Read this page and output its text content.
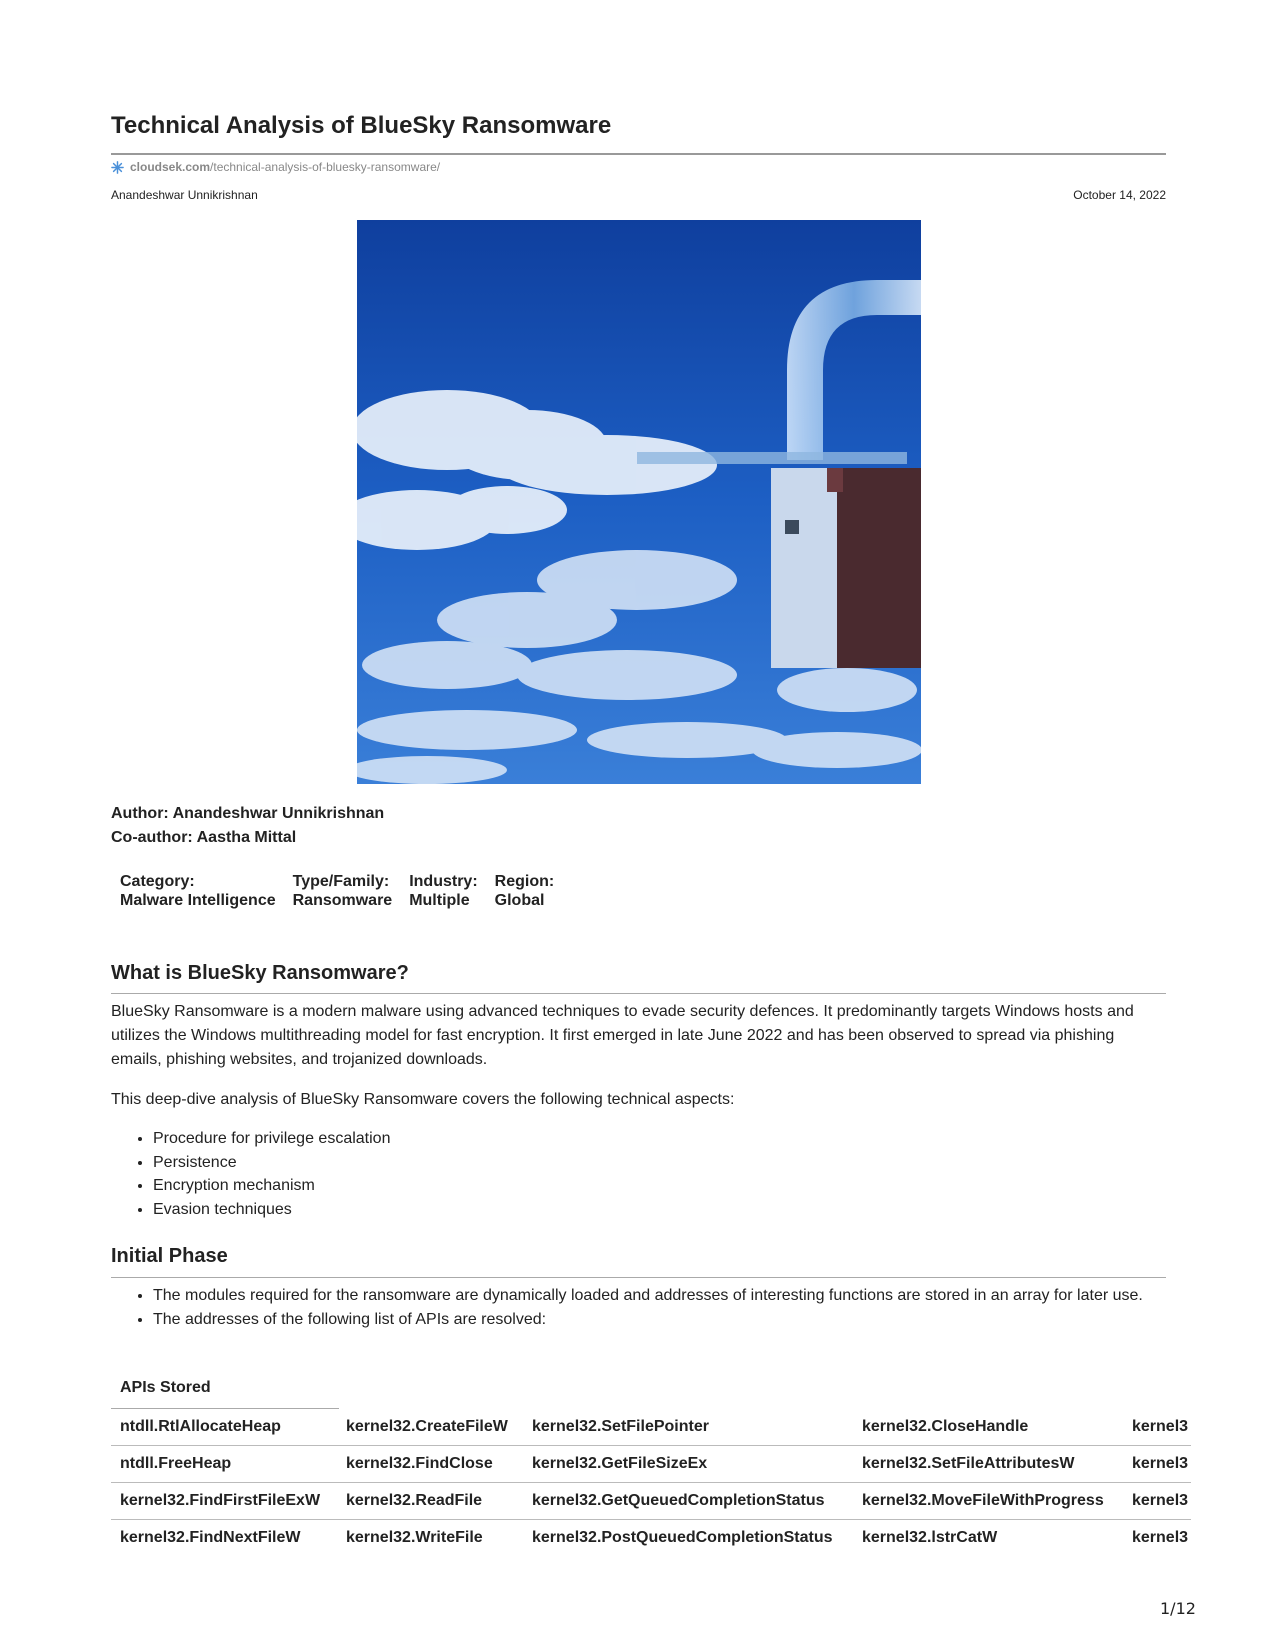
Technical Analysis of BlueSky Ransomware
cloudsek.com /technical-analysis-of-bluesky-ransomware/
Anandeshwar Unnikrishnan	October 14, 2022
Author: Anandeshwar Unnikrishnan
Co-author: Aastha Mittal
Category:	Type/Family:	Industry:	Region:
Malware Intelligence	Ransomware	Multiple	Global
What is BlueSky Ransomware?

BlueSky Ransomware is a modern malware using advanced techniques to evade security defences. It predominantly targets Windows hosts and utilizes the Windows multithreading model for fast encryption. It first emerged in late June 2022 and has been observed to spread via phishing emails, phishing websites, and trojanized downloads.

This deep-dive analysis of BlueSky Ransomware covers the following technical aspects:

• Procedure for privilege escalation
• Persistence
• Encryption mechanism
• Evasion techniques
Initial Phase
• The modules required for the ransomware are dynamically loaded and addresses of interesting functions are stored in an array for later use.
• The addresses of the following list of APIs are resolved:
APIs Stored
ntdll.RtlAllocateHeap	kernel32.CreateFileW	kernel32.SetFilePointer	kernel32.CloseHandle	kernel3
ntdll.FreeHeap	kernel32.FindClose	kernel32.GetFileSizeEx	kernel32.SetFileAttributesW	kernel3
kernel32.FindFirstFileExW	kernel32.ReadFile	kernel32.GetQueuedCompletionStatus	kernel32.MoveFileWithProgress	kernel3
kernel32.FindNextFileW	kernel32.WriteFile	kernel32.PostQueuedCompletionStatus	kernel32.lstrCatW	kernel3
1/12
